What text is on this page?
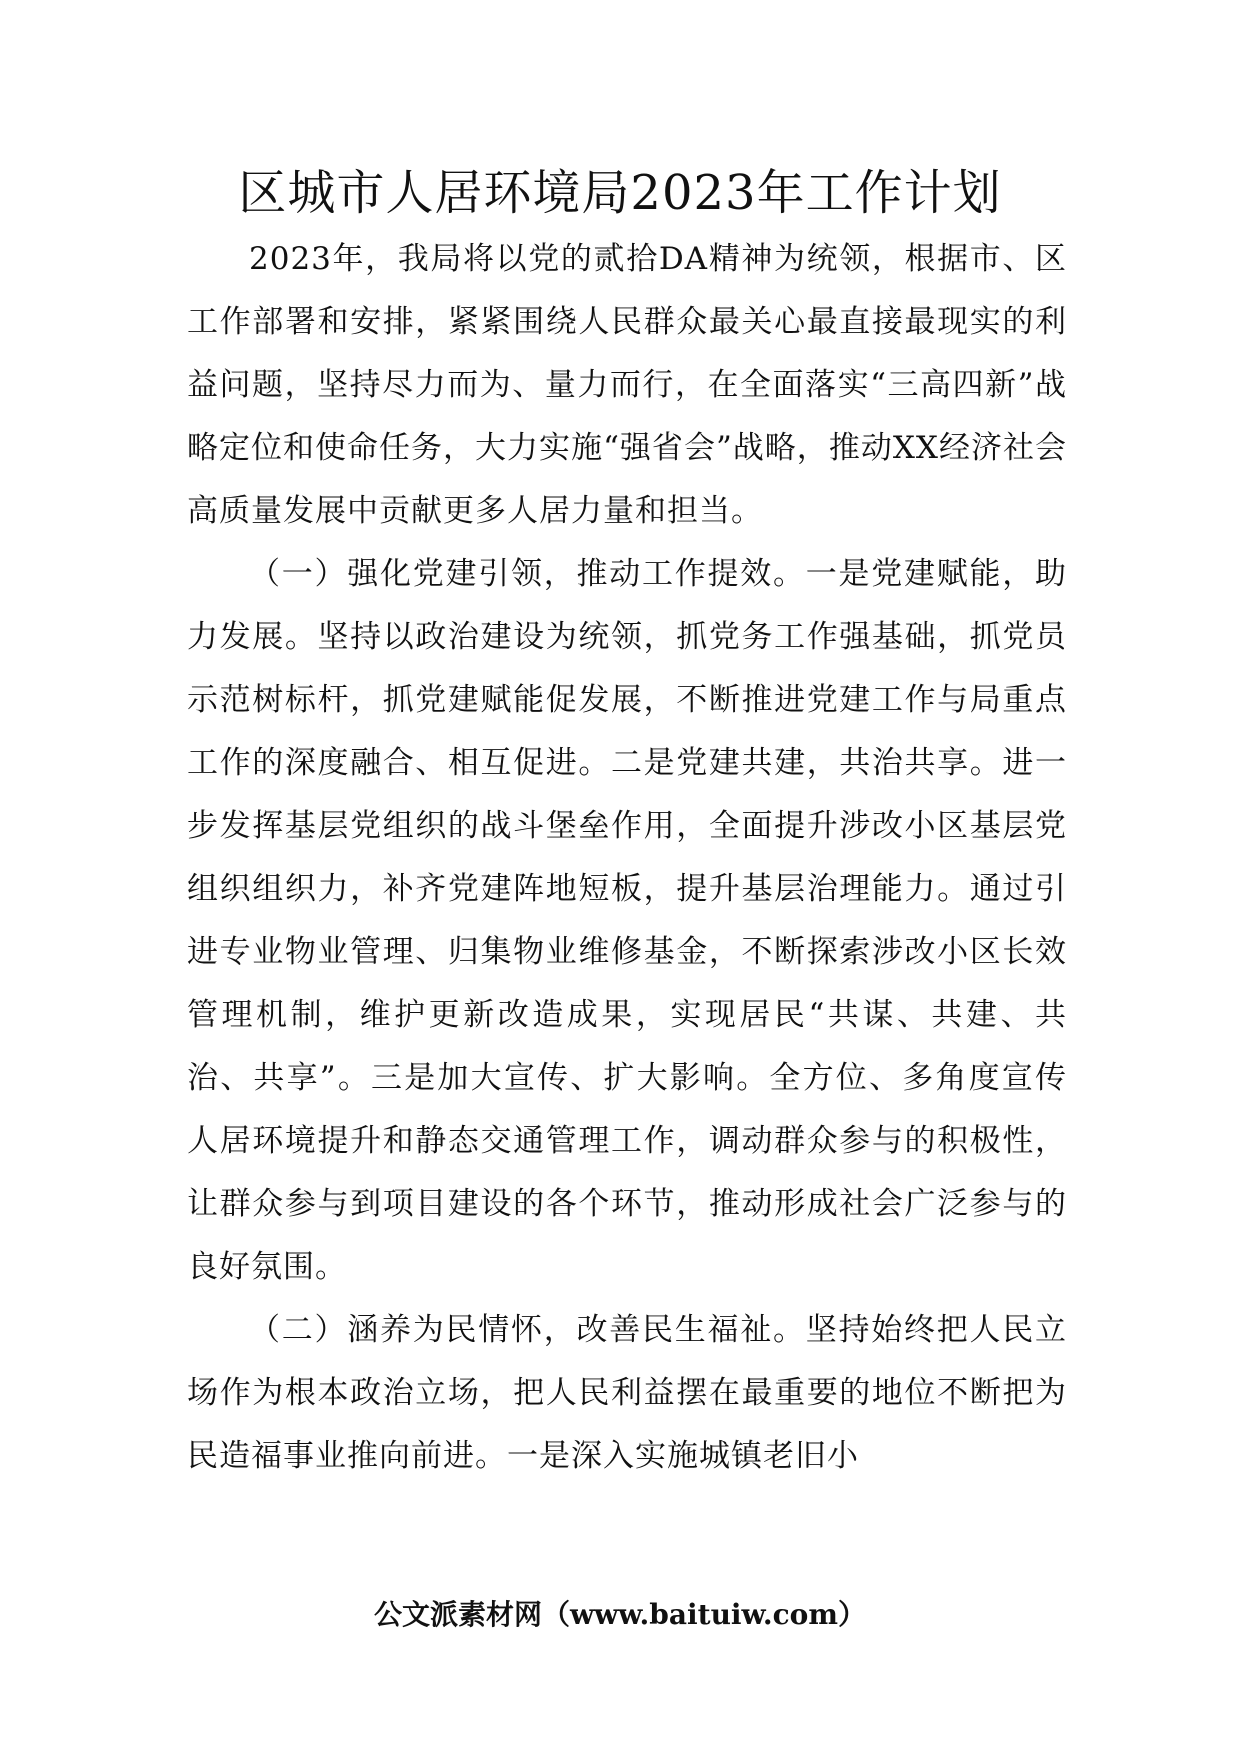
区城市人居环境局2023年工作计划

2023年，我局将以党的贰拾DA精神为统领，根据市、区工作部署和安排，紧紧围绕人民群众最关心最直接最现实的利益问题，坚持尽力而为、量力而行，在全面落实“三高四新”战略定位和使命任务，大力实施“强省会”战略，推动XX经济社会高质量发展中贡献更多人居力量和担当。

（一）强化党建引领，推动工作提效。一是党建赋能，助力发展。坚持以政治建设为统领，抓党务工作强基础，抓党员示范树标杆，抓党建赋能促发展，不断推进党建工作与局重点工作的深度融合、相互促进。二是党建共建，共治共享。进一步发挥基层党组织的战斗堡垒作用，全面提升涉改小区基层党组织组织力，补齐党建阵地短板，提升基层治理能力。通过引进专业物业管理、归集物业维修基金，不断探索涉改小区长效管理机制，维护更新改造成果，实现居民“共谋、共建、共治、共享”。三是加大宣传、扩大影响。全方位、多角度宣传人居环境提升和静态交通管理工作，调动群众参与的积极性，让群众参与到项目建设的各个环节，推动形成社会广泛参与的良好氛围。

（二）涵养为民情怀，改善民生福祉。坚持始终把人民立场作为根本政治立场，把人民利益摆在最重要的地位不断把为民造福事业推向前进。一是深入实施城镇老旧小

公文派素材网（www.baituiw.com）
